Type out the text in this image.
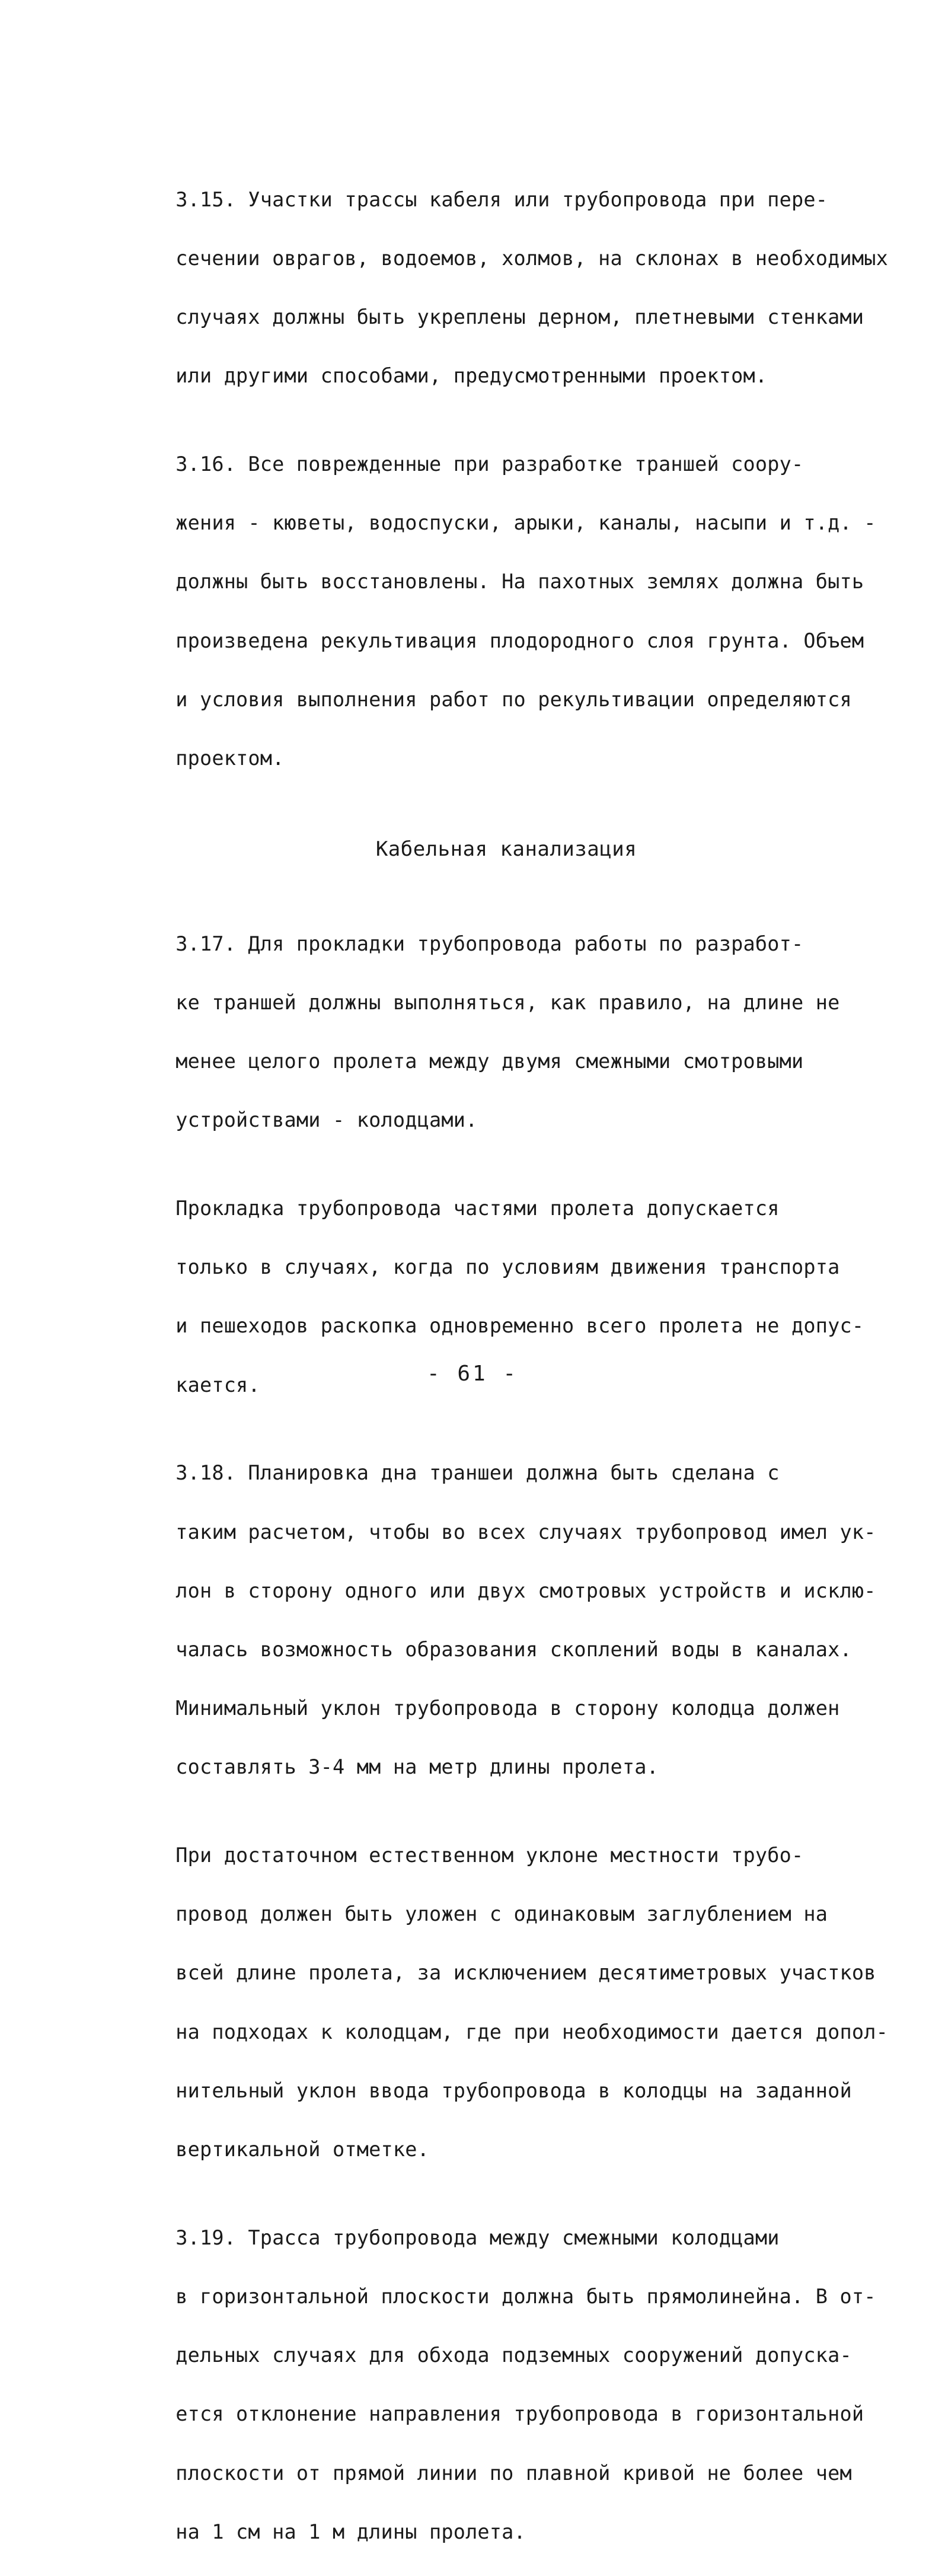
3.15. Участки трассы кабеля или трубопровода при пере-

сечении оврагов, водоемов, холмов, на склонах в необходимых

случаях должны быть укреплены дерном, плетневыми стенками

или другими способами, предусмотренными проектом.

3.16. Все поврежденные при разработке траншей соору-

жения - кюветы, водоспуски, арыки, каналы, насыпи и т.д. -

должны быть восстановлены. На пахотных землях должна быть

произведена рекультивация плодородного слоя грунта. Объем

и условия выполнения работ по рекультивации определяются

проектом.

Кабельная канализация

3.17. Для прокладки трубопровода работы по разработ-

ке траншей должны выполняться, как правило, на длине не

менее целого пролета между двумя смежными смотровыми

устройствами - колодцами.

Прокладка трубопровода частями пролета допускается

только в случаях, когда по условиям движения транспорта

и пешеходов раскопка одновременно всего пролета не допус-

кается.

3.18. Планировка дна траншеи должна быть сделана с

таким расчетом, чтобы во всех случаях трубопровод имел ук-

лон в сторону одного или двух смотровых устройств и исклю-

чалась возможность образования скоплений воды в каналах.

Минимальный уклон трубопровода в сторону колодца должен

составлять 3-4 мм на метр длины пролета.

При достаточном естественном уклоне местности трубо-

провод должен быть уложен с одинаковым заглублением на

всей длине пролета, за исключением десятиметровых участков

на подходах к колодцам, где при необходимости дается допол-

нительный уклон ввода трубопровода в колодцы на заданной

вертикальной отметке.

3.19. Трасса трубопровода между смежными колодцами

в горизонтальной плоскости должна быть прямолинейна. В от-

дельных случаях для обхода подземных сооружений допуска-

ется отклонение направления трубопровода в горизонтальной

плоскости от прямой линии по плавной кривой не более чем

на 1 см на 1 м длины пролета.

- 61 -
